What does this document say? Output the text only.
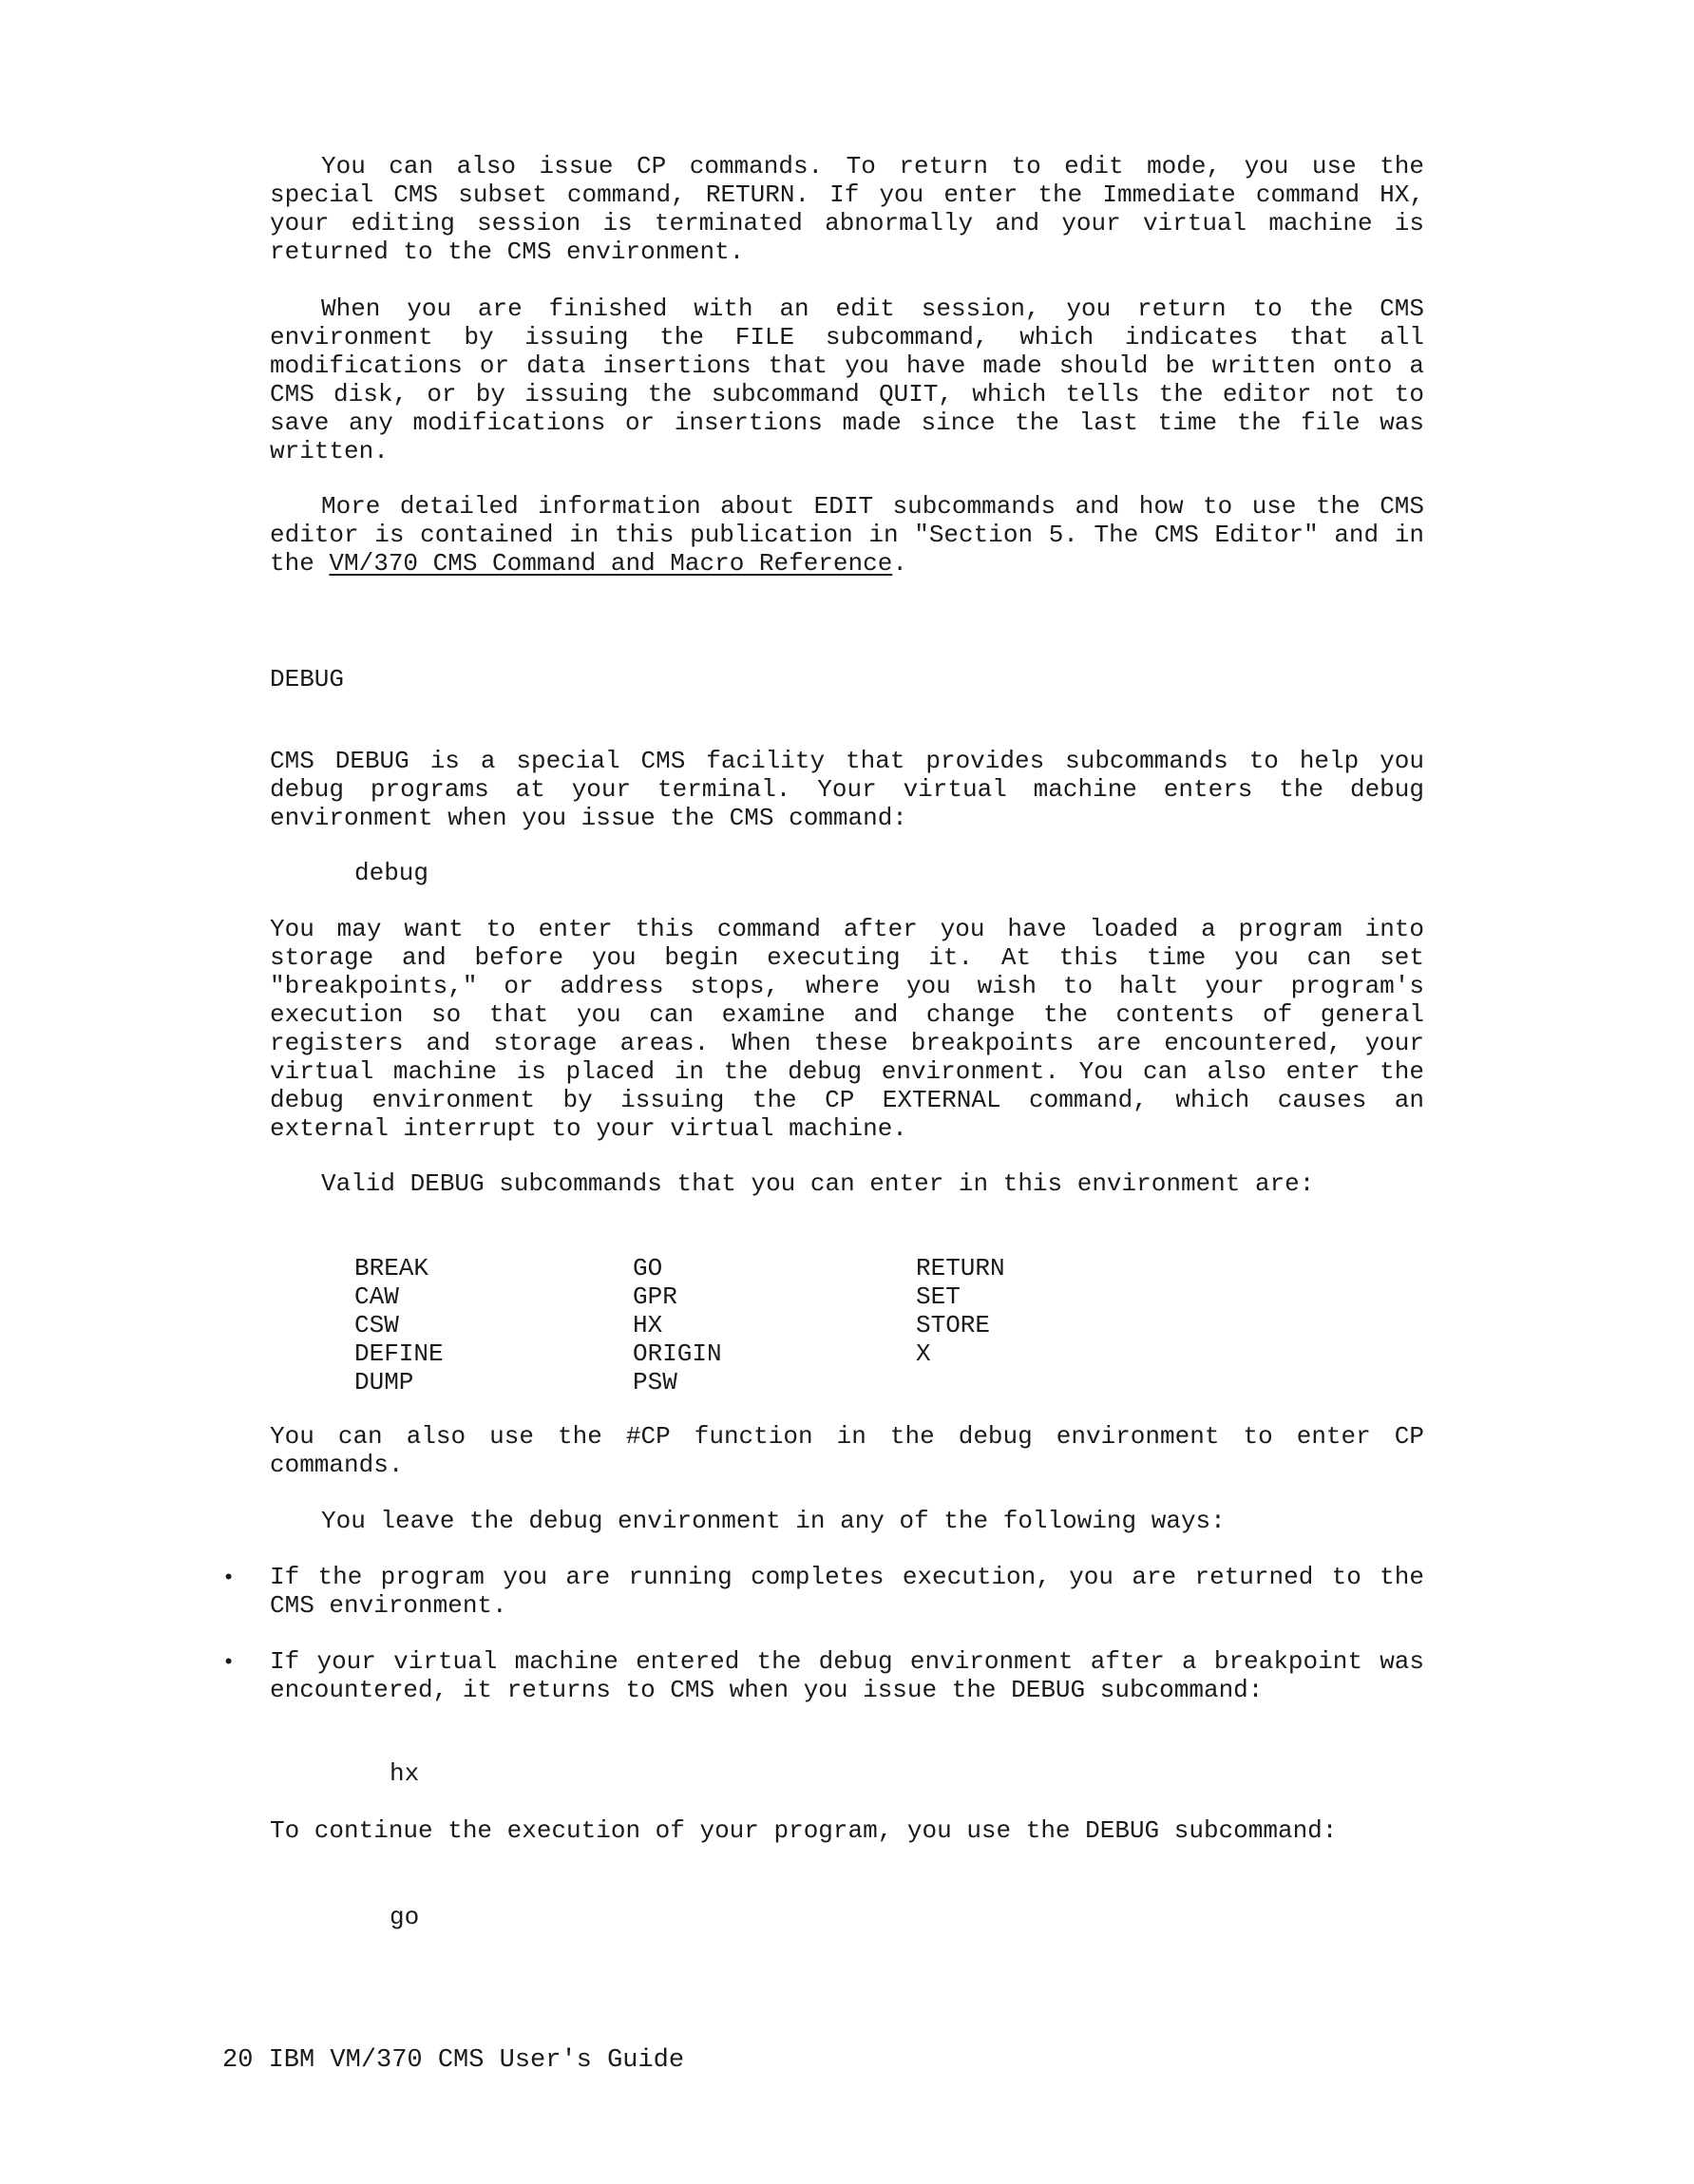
You can also issue CP commands. To return to edit mode, you use the special CMS subset command, RETURN. If you enter the Immediate command HX, your editing session is terminated abnormally and your virtual machine is returned to the CMS environment.

When you are finished with an edit session, you return to the CMS environment by issuing the FILE subcommand, which indicates that all modifications or data insertions that you have made should be written onto a CMS disk, or by issuing the subcommand QUIT, which tells the editor not to save any modifications or insertions made since the last time the file was written.

More detailed information about EDIT subcommands and how to use the CMS editor is contained in this publication in "Section 5. The CMS Editor" and in the VM/370 CMS Command and Macro Reference.

DEBUG

CMS DEBUG is a special CMS facility that provides subcommands to help you debug programs at your terminal. Your virtual machine enters the debug environment when you issue the CMS command:

debug

You may want to enter this command after you have loaded a program into storage and before you begin executing it. At this time you can set "breakpoints," or address stops, where you wish to halt your program's execution so that you can examine and change the contents of general registers and storage areas. When these breakpoints are encountered, your virtual machine is placed in the debug environment. You can also enter the debug environment by issuing the CP EXTERNAL command, which causes an external interrupt to your virtual machine.

Valid DEBUG subcommands that you can enter in this environment are:

BREAK
CAW
CSW
DEFINE
DUMP
GO
GPR
HX
ORIGIN
PSW
RETURN
SET
STORE
X

You can also use the #CP function in the debug environment to enter CP commands.

You leave the debug environment in any of the following ways:

• If the program you are running completes execution, you are returned to the CMS environment.

• If your virtual machine entered the debug environment after a breakpoint was encountered, it returns to CMS when you issue the DEBUG subcommand:

hx

To continue the execution of your program, you use the DEBUG subcommand:

go
20 IBM VM/370 CMS User's Guide
